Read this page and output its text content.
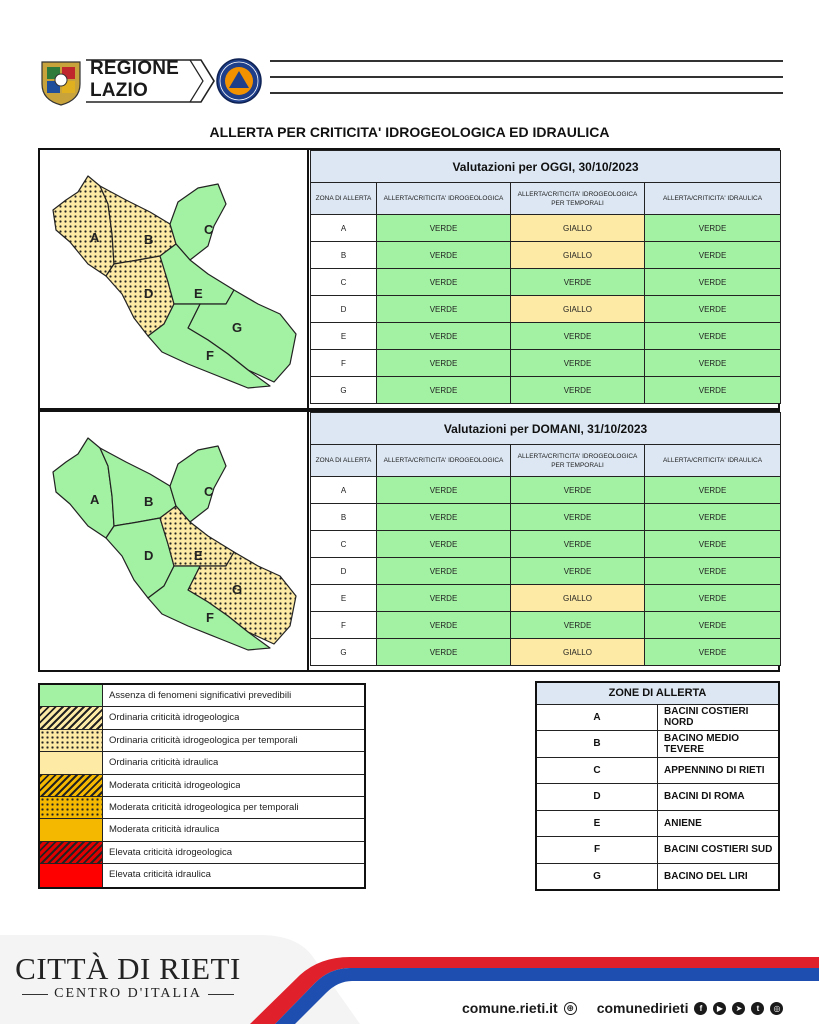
REGIONE
LAZIO
ALLERTA PER CRITICITA' IDROGEOLOGICA ED IDRAULICA
A	B
C
D	E
G
F
Valutazioni per OGGI, 30/10/2023			
ZONA DI ALLERTA	ALLERTA/CRITICITA' IDROGEOLOGICA	ALLERTA/CRITICITA' IDROGEOLOGICA PER TEMPORALI	ALLERTA/CRITICITA' IDRAULICA
A	VERDE	GIALLO	VERDE
B	VERDE	GIALLO	VERDE
C	VERDE	VERDE	VERDE
D	VERDE	GIALLO	VERDE
E	VERDE	VERDE	VERDE
F	VERDE	VERDE	VERDE
G	VERDE	VERDE	VERDE
A	B
C
D	E
G
F
Valutazioni per DOMANI, 31/10/2023			
ZONA DI ALLERTA	ALLERTA/CRITICITA' IDROGEOLOGICA	ALLERTA/CRITICITA' IDROGEOLOGICA PER TEMPORALI	ALLERTA/CRITICITA' IDRAULICA
A	VERDE	VERDE	VERDE
B	VERDE	VERDE	VERDE
C	VERDE	VERDE	VERDE
D	VERDE	VERDE	VERDE
E	VERDE	GIALLO	VERDE
F	VERDE	VERDE	VERDE
G	VERDE	GIALLO	VERDE
Assenza di fenomeni significativi prevedibili
Ordinaria criticità idrogeologica
Ordinaria criticità idrogeologica per temporali
Ordinaria criticità idraulica
Moderata criticità idrogeologica
Moderata criticità idrogeologica per temporali
Moderata criticità idraulica
Elevata criticità idrogeologica
Elevata criticità idraulica
ZONE DI ALLERTA	
A	BACINI COSTIERI NORD
B	BACINO MEDIO TEVERE
C	APPENNINO DI RIETI
D	BACINI DI ROMA
E	ANIENE
F	BACINI COSTIERI SUD
G	BACINO DEL LIRI
CITTÀ DI RIETI
CENTRO D'ITALIA
comune.rieti.it ⊕ comunedirieti	f	▶	➤	t	◎
